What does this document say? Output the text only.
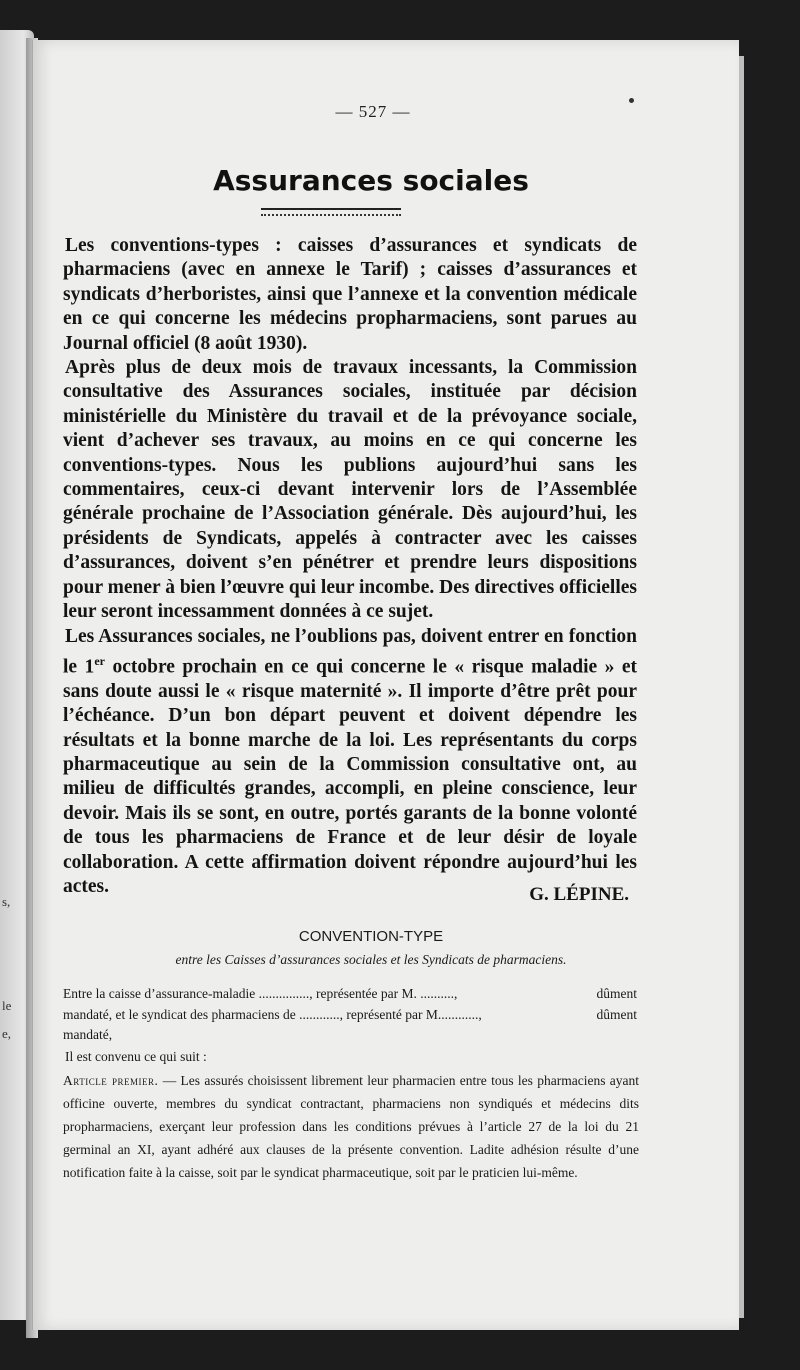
s,
le
e,
— 527 —
Assurances sociales

Les conventions-types : caisses d’assurances et syndicats de pharmaciens (avec en annexe le Tarif) ; caisses d’assurances et syndicats d’herboristes, ainsi que l’annexe et la convention médicale en ce qui concerne les médecins propharmaciens, sont parues au Journal officiel (8 août 1930).

Après plus de deux mois de travaux incessants, la Commission consultative des Assurances sociales, instituée par décision ministérielle du Ministère du travail et de la prévoyance sociale, vient d’achever ses travaux, au moins en ce qui concerne les conventions-types. Nous les publions aujourd’hui sans les commentaires, ceux-ci devant intervenir lors de l’Assemblée générale prochaine de l’Association générale. Dès aujourd’hui, les présidents de Syndicats, appelés à contracter avec les caisses d’assurances, doivent s’en pénétrer et prendre leurs dispositions pour mener à bien l’œuvre qui leur incombe. Des directives officielles leur seront incessamment données à ce sujet.

Les Assurances sociales, ne l’oublions pas, doivent entrer en fonction le 1er octobre prochain en ce qui concerne le « risque maladie » et sans doute aussi le « risque maternité ». Il importe d’être prêt pour l’échéance. D’un bon départ peuvent et doivent dépendre les résultats et la bonne marche de la loi. Les représentants du corps pharmaceutique au sein de la Commission consultative ont, au milieu de difficultés grandes, accompli, en pleine conscience, leur devoir. Mais ils se sont, en outre, portés garants de la bonne volonté de tous les pharmaciens de France et de leur désir de loyale collaboration. A cette affirmation doivent répondre aujourd’hui les actes.	G. LÉPINE.
CONVENTION-TYPE
entre les Caisses d’assurances sociales et les Syndicats de pharmaciens.
Entre la caisse d’assurance-maladie ..............., représentée par M. ..........,	dûment
mandaté, et le syndicat des pharmaciens de ............, représenté par M. ...........,	dûment
mandaté,
Il est convenu ce qui suit :
Article premier. — Les assurés choisissent librement leur pharmacien entre tous les pharmaciens ayant officine ouverte, membres du syndicat contractant, pharmaciens non syndiqués et médecins dits propharmaciens, exerçant leur profession dans les conditions prévues à l’article 27 de la loi du 21 germinal an XI, ayant adhéré aux clauses de la présente convention. Ladite adhésion résulte d’une notification faite à la caisse, soit par le syndicat pharmaceutique, soit par le praticien lui-même.
